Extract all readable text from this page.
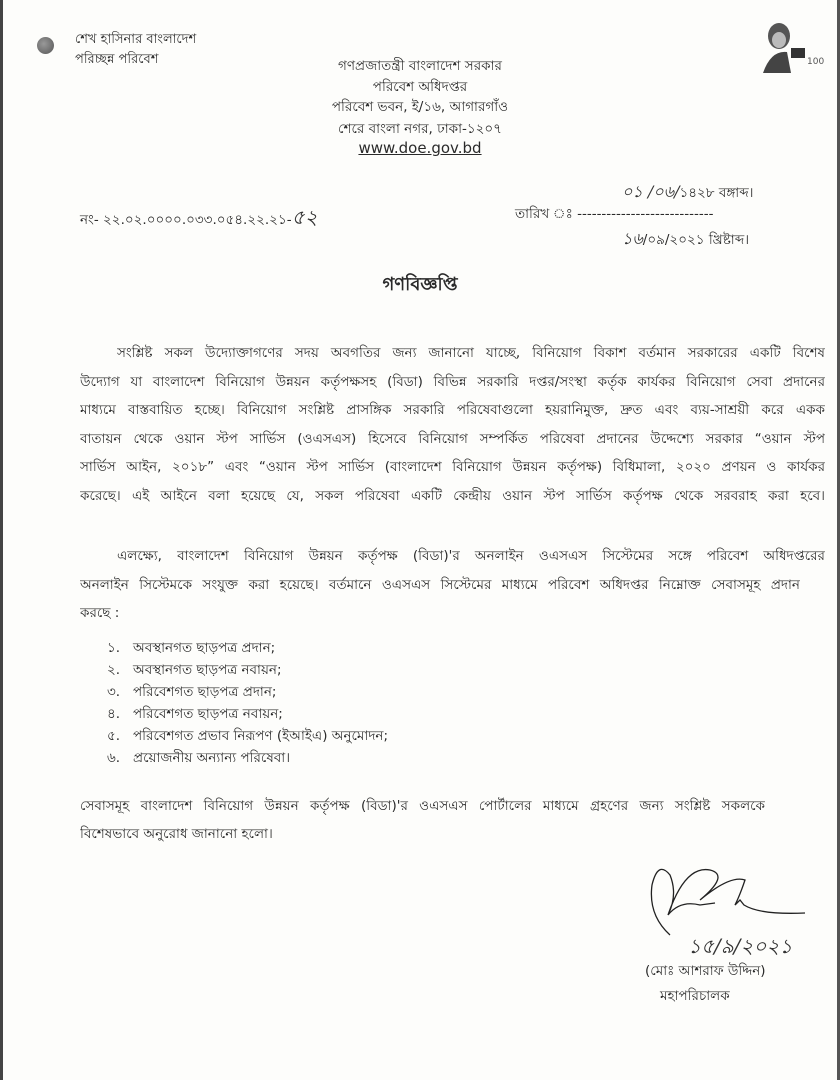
শেখ হাসিনার বাংলাদেশ
পরিচ্ছন্ন পরিবেশ	100
গণপ্রজাতন্ত্রী বাংলাদেশ সরকার
পরিবেশ অধিদপ্তর
পরিবেশ ভবন, ই/১৬, আগারগাঁও
শেরে বাংলা নগর, ঢাকা-১২০৭
www.doe.gov.bd
০১ /০৬/১৪২৮ বঙ্গাব্দ।
নং- ২২.০২.০০০০.০৩৩.০৫৪.২২.২১-৫২	তারিখ ঃ ----------------------------
১৬/০৯/২০২১ খ্রিষ্টাব্দ।
গণবিজ্ঞপ্তি
সংশ্লিষ্ট সকল উদ্যোক্তাগণের সদয় অবগতির জন্য জানানো যাচ্ছে, বিনিয়োগ বিকাশ বর্তমান সরকারের একটি বিশেষ
উদ্যোগ যা বাংলাদেশ বিনিয়োগ উন্নয়ন কর্তৃপক্ষসহ (বিডা) বিভিন্ন সরকারি দপ্তর/সংস্থা কর্তৃক কার্যকর বিনিয়োগ সেবা প্রদানের
মাধ্যমে বাস্তবায়িত হচ্ছে। বিনিয়োগ সংশ্লিষ্ট প্রাসঙ্গিক সরকারি পরিষেবাগুলো হয়রানিমুক্ত, দ্রুত এবং ব্যয়-সাশ্রয়ী করে একক
বাতায়ন থেকে ওয়ান স্টপ সার্ভিস (ওএসএস) হিসেবে বিনিয়োগ সম্পর্কিত পরিষেবা প্রদানের উদ্দেশ্যে সরকার “ওয়ান স্টপ
সার্ভিস আইন, ২০১৮” এবং “ওয়ান স্টপ সার্ভিস (বাংলাদেশ বিনিয়োগ উন্নয়ন কর্তৃপক্ষ) বিধিমালা, ২০২০ প্রণয়ন ও কার্যকর
করেছে। এই আইনে বলা হয়েছে যে, সকল পরিষেবা একটি কেন্দ্রীয় ওয়ান স্টপ সার্ভিস কর্তৃপক্ষ থেকে সরবরাহ করা হবে।
এলক্ষ্যে, বাংলাদেশ বিনিয়োগ উন্নয়ন কর্তৃপক্ষ (বিডা)'র অনলাইন ওএসএস সিস্টেমের সঙ্গে পরিবেশ অধিদপ্তরের
অনলাইন সিস্টেমকে সংযুক্ত করা হয়েছে। বর্তমানে ওএসএস সিস্টেমের মাধ্যমে পরিবেশ অধিদপ্তর নিম্নোক্ত সেবাসমূহ প্রদান
করছে :
১. অবস্থানগত ছাড়পত্র প্রদান;
২. অবস্থানগত ছাড়পত্র নবায়ন;
৩. পরিবেশগত ছাড়পত্র প্রদান;
৪. পরিবেশগত ছাড়পত্র নবায়ন;
৫. পরিবেশগত প্রভাব নিরূপণ (ইআইএ) অনুমোদন;
৬. প্রয়োজনীয় অন্যান্য পরিষেবা।
সেবাসমূহ বাংলাদেশ বিনিয়োগ উন্নয়ন কর্তৃপক্ষ (বিডা)'র ওএসএস পোর্টালের মাধ্যমে গ্রহণের জন্য সংশ্লিষ্ট সকলকে
বিশেষভাবে অনুরোধ জানানো হলো।
১৫/৯/২০২১
(মোঃ আশরাফ উদ্দিন)
মহাপরিচালক
